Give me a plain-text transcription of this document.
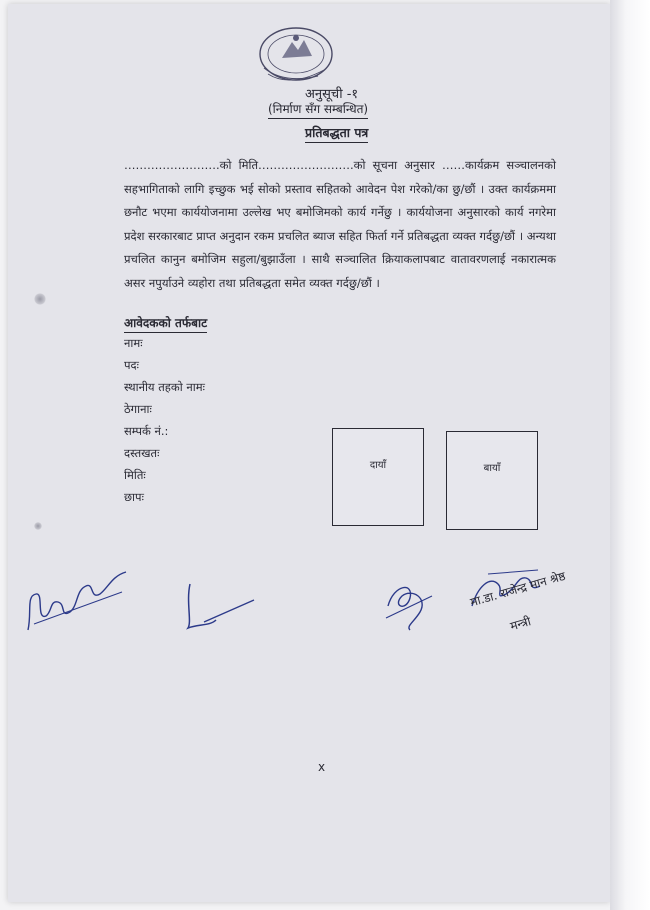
अनुसूची -१
(निर्माण सँग सम्बन्धित)
प्रतिबद्धता पत्र
…………………….को मिति…………………….को सूचना अनुसार ……कार्यक्रम सञ्चालनको सहभागिताको लागि इच्छुक भई सोको प्रस्ताव सहितको आवेदन पेश गरेको/का छु/छौं । उक्त कार्यक्रममा छनौट भएमा कार्ययोजनामा उल्लेख भए बमोजिमको कार्य गर्नेछु । कार्ययोजना अनुसारको कार्य नगरेमा प्रदेश सरकारबाट प्राप्त अनुदान रकम प्रचलित ब्याज सहित फिर्ता गर्ने प्रतिबद्धता व्यक्त गर्दछु/छौं । अन्यथा प्रचलित कानुन बमोजिम सहुला/बुझाउँला । साथै सञ्चालित क्रियाकलापबाट वातावरणलाई नकारात्मक असर नपुर्याउने व्यहोरा तथा प्रतिबद्धता समेत व्यक्त गर्दछु/छौं ।
आवेदकको तर्फबाट
नामः
पदः
स्थानीय तहको नामः
ठेगानाः
सम्पर्क नं.:
दस्तखतः
मितिः
छापः
दायाँ	बायाँ
मा.डा. राजेन्द्र मान श्रेष्ठ
मन्त्री
x
